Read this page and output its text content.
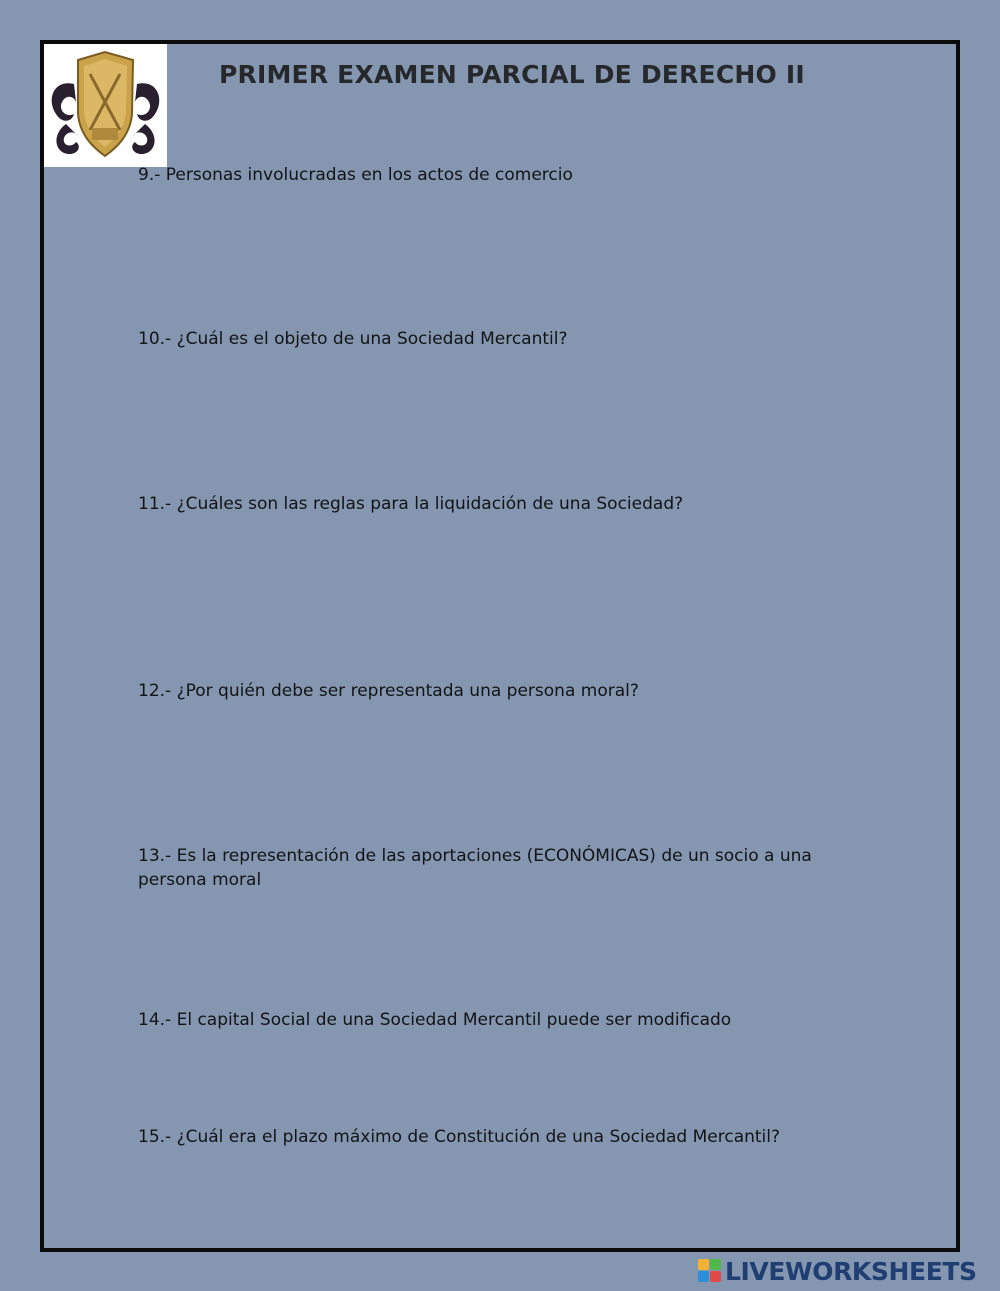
PRIMER EXAMEN PARCIAL DE DERECHO II
9.- Personas involucradas en los actos de comercio
10.- ¿Cuál es el objeto de una Sociedad Mercantil?
11.- ¿Cuáles son las reglas para la liquidación de una Sociedad?
12.- ¿Por quién debe ser representada una persona moral?
13.- Es la representación de las aportaciones (ECONÓMICAS) de un socio a una persona moral
14.- El capital Social de una Sociedad Mercantil puede ser modificado
15.- ¿Cuál era el plazo máximo de Constitución de una Sociedad Mercantil?
LIVEWORKSHEETS
